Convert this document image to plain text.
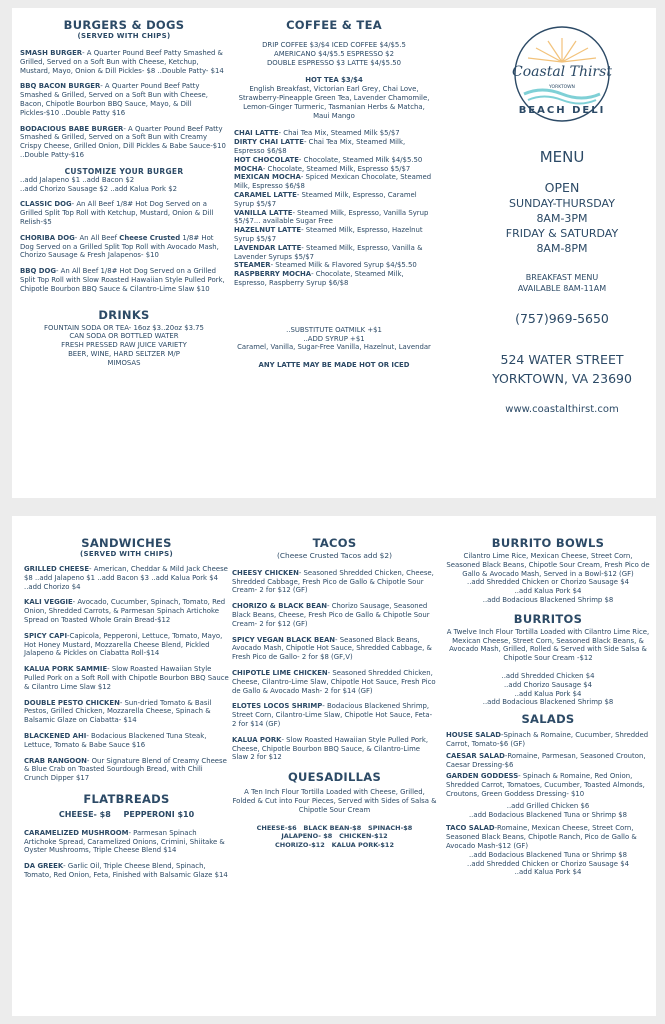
BURGERS & DOGS
(SERVED WITH CHIPS)
SMASH BURGER- A Quarter Pound Beef Patty Smashed & Grilled, Served on a Soft Bun with Cheese, Ketchup, Mustard, Mayo, Onion & Dill Pickles- $8 ..Double Patty- $14
BBQ BACON BURGER- A Quarter Pound Beef Patty Smashed & Grilled, Served on a Soft Bun with Cheese, Bacon, Chipotle Bourbon BBQ Sauce, Mayo, & Dill Pickles-$10 ..Double Patty $16
BODACIOUS BABE BURGER- A Quarter Pound Beef Patty Smashed & Grilled, Served on a Soft Bun with Creamy Crispy Cheese, Grilled Onion, Dill Pickles & Babe Sauce-$10 ..Double Patty-$16
CUSTOMIZE YOUR BURGER
..add Jalapeno $1 ..add Bacon $2
..add Chorizo Sausage $2 ..add Kalua Pork $2
CLASSIC DOG- An All Beef 1/8# Hot Dog Served on a Grilled Split Top Roll with Ketchup, Mustard, Onion & Dill Relish-$5
CHORIBA DOG- An All Beef Cheese Crusted 1/8# Hot Dog Served on a Grilled Split Top Roll with Avocado Mash, Chorizo Sausage & Fresh Jalapenos- $10
BBQ DOG- An All Beef 1/8# Hot Dog Served on a Grilled Split Top Roll with Slow Roasted Hawaiian Style Pulled Pork, Chipotle Bourbon BBQ Sauce & Cilantro-Lime Slaw $10
DRINKS
FOUNTAIN SODA OR TEA- 16oz $3..20oz $3.75
CAN SODA OR BOTTLED WATER
FRESH PRESSED RAW JUICE VARIETY
BEER, WINE, HARD SELTZER M/P
MIMOSAS
COFFEE & TEA
DRIP COFFEE $3/$4 ICED COFFEE $4/$5.5
AMERICANO $4/$5.5 ESPRESSO $2
DOUBLE ESPRESSO $3 LATTE $4/$5.50
HOT TEA $3/$4
English Breakfast, Victorian Earl Grey, Chai Love, Strawberry-Pineapple Green Tea, Lavender Chamomile, Lemon-Ginger Turmeric, Tasmanian Herbs & Matcha, Maui Mango
CHAI LATTE- Chai Tea Mix, Steamed Milk $5/$7
DIRTY CHAI LATTE- Chai Tea Mix, Steamed Milk, Espresso $6/$8
HOT CHOCOLATE- Chocolate, Steamed Milk $4/$5.50
MOCHA- Chocolate, Steamed Milk, Espresso $5/$7
MEXICAN MOCHA- Spiced Mexican Chocolate, Steamed Milk, Espresso $6/$8
CARAMEL LATTE- Steamed Milk, Espresso, Caramel Syrup $5/$7
VANILLA LATTE- Steamed Milk, Espresso, Vanilla Syrup $5/$7... available Sugar Free
HAZELNUT LATTE- Steamed Milk, Espresso, Hazelnut Syrup $5/$7
LAVENDAR LATTE- Steamed Milk, Espresso, Vanilla & Lavender Syrups $5/$7
STEAMER- Steamed Milk & Flavored Syrup $4/$5.50
RASPBERRY MOCHA- Chocolate, Steamed Milk, Espresso, Raspberry Syrup $6/$8
..SUBSTITUTE OATMILK +$1
..ADD SYRUP +$1
Caramel, Vanilla, Sugar-Free Vanilla, Hazelnut, Lavendar
ANY LATTE MAY BE MADE HOT OR ICED
Coastal Thirst
YORKTOWN
BEACH DELI
MENU
OPEN
SUNDAY-THURSDAY
8AM-3PM
FRIDAY & SATURDAY
8AM-8PM
BREAKFAST MENU
AVAILABLE 8AM-11AM
(757)969-5650
524 WATER STREET
YORKTOWN, VA 23690
www.coastalthirst.com
SANDWICHES
(SERVED WITH CHIPS)
GRILLED CHEESE- American, Cheddar & Mild Jack Cheese $8 ..add Jalapeno $1 ..add Bacon $3 ..add Kalua Pork $4 ..add Chorizo $4
KALI VEGGIE- Avocado, Cucumber, Spinach, Tomato, Red Onion, Shredded Carrots, & Parmesan Spinach Artichoke Spread on Toasted Whole Grain Bread-$12
SPICY CAPI-Capicola, Pepperoni, Lettuce, Tomato, Mayo, Hot Honey Mustard, Mozzarella Cheese Blend, Pickled Jalapeno & Pickles on Ciabatta Roll-$14
KALUA PORK SAMMIE- Slow Roasted Hawaiian Style Pulled Pork on a Soft Roll with Chipotle Bourbon BBQ Sauce & Cilantro Lime Slaw $12
DOUBLE PESTO CHICKEN- Sun-dried Tomato & Basil Pestos, Grilled Chicken, Mozzarella Cheese, Spinach & Balsamic Glaze on Ciabatta- $14
BLACKENED AHI- Bodacious Blackened Tuna Steak, Lettuce, Tomato & Babe Sauce $16
CRAB RANGOON- Our Signature Blend of Creamy Cheese & Blue Crab on Toasted Sourdough Bread, with Chili Crunch Dipper $17
FLATBREADS
CHEESE- $8 PEPPERONI $10
CARAMELIZED MUSHROOM- Parmesan Spinach Artichoke Spread, Caramelized Onions, Crimini, Shiitake & Oyster Mushrooms, Triple Cheese Blend $14
DA GREEK- Garlic Oil, Triple Cheese Blend, Spinach, Tomato, Red Onion, Feta, Finished with Balsamic Glaze $14
TACOS
(Cheese Crusted Tacos add $2)
CHEESY CHICKEN- Seasoned Shredded Chicken, Cheese, Shredded Cabbage, Fresh Pico de Gallo & Chipotle Sour Cream- 2 for $12 (GF)
CHORIZO & BLACK BEAN- Chorizo Sausage, Seasoned Black Beans, Cheese, Fresh Pico de Gallo & Chipotle Sour Cream- 2 for $12 (GF)
SPICY VEGAN BLACK BEAN- Seasoned Black Beans, Avocado Mash, Chipotle Hot Sauce, Shredded Cabbage, & Fresh Pico de Gallo- 2 for $8 (GF,V)
CHIPOTLE LIME CHICKEN- Seasoned Shredded Chicken, Cheese, Cilantro-Lime Slaw, Chipotle Hot Sauce, Fresh Pico de Gallo & Avocado Mash- 2 for $14 (GF)
ELOTES LOCOS SHRIMP- Bodacious Blackened Shrimp, Street Corn, Cilantro-Lime Slaw, Chipotle Hot Sauce, Feta- 2 for $14 (GF)
KALUA PORK- Slow Roasted Hawaiian Style Pulled Pork, Cheese, Chipotle Bourbon BBQ Sauce, & Cilantro-Lime Slaw 2 for $12
QUESADILLAS
A Ten Inch Flour Tortilla Loaded with Cheese, Grilled, Folded & Cut into Four Pieces, Served with Sides of Salsa & Chipotle Sour Cream
CHEESE-$6 BLACK BEAN-$8 SPINACH-$8
JALAPENO- $8 CHICKEN-$12
CHORIZO-$12 KALUA PORK-$12
BURRITO BOWLS
Cilantro Lime Rice, Mexican Cheese, Street Corn, Seasoned Black Beans, Chipotle Sour Cream, Fresh Pico de Gallo & Avocado Mash, Served in a Bowl-$12 (GF)
..add Shredded Chicken or Chorizo Sausage $4
..add Kalua Pork $4
..add Bodacious Blackened Shrimp $8
BURRITOS
A Twelve Inch Flour Tortilla Loaded with Cilantro Lime Rice, Mexican Cheese, Street Corn, Seasoned Black Beans, & Avocado Mash, Grilled, Rolled & Served with Side Salsa & Chipotle Sour Cream -$12
..add Shredded Chicken $4
..add Chorizo Sausage $4
..add Kalua Pork $4
..add Bodacious Blackened Shrimp $8
SALADS
HOUSE SALAD-Spinach & Romaine, Cucumber, Shredded Carrot, Tomato-$6 (GF)
CAESAR SALAD-Romaine, Parmesan, Seasoned Crouton, Caesar Dressing-$6
GARDEN GODDESS- Spinach & Romaine, Red Onion, Shredded Carrot, Tomatoes, Cucumber, Toasted Almonds, Croutons, Green Goddess Dressing- $10
..add Grilled Chicken $6
..add Bodacious Blackened Tuna or Shrimp $8
TACO SALAD-Romaine, Mexican Cheese, Street Corn, Seasoned Black Beans, Chipotle Ranch, Pico de Gallo & Avocado Mash-$12 (GF)
..add Bodacious Blackened Tuna or Shrimp $8
..add Shredded Chicken or Chorizo Sausage $4
..add Kalua Pork $4
